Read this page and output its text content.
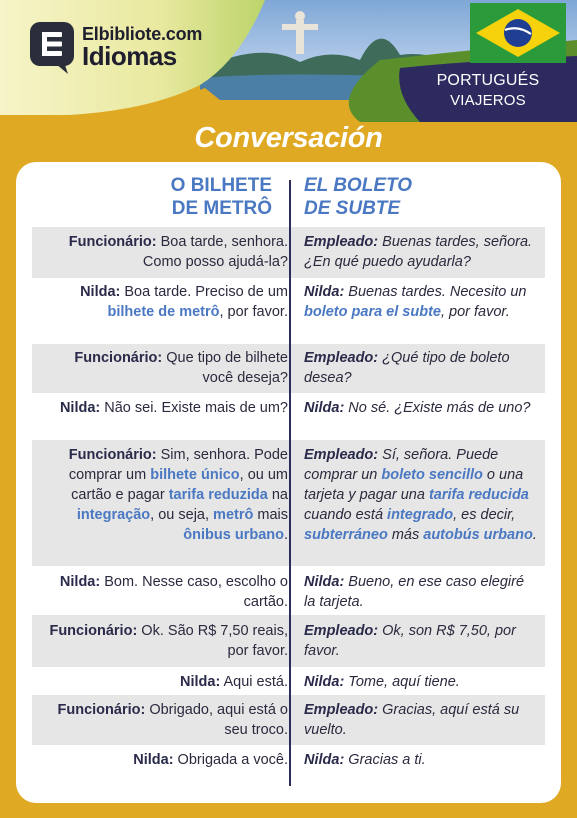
Elbibliote.com
Idiomas
PORTUGUÉS
VIAJEROS
Conversación
O BILHETE
DE METRÔ
EL BOLETO
DE SUBTE
Funcionário: Boa tarde, senhora. Como posso ajudá-la?
Empleado: Buenas tardes, señora. ¿En qué puedo ayudarla?
Nilda: Boa tarde. Preciso de um bilhete de metrô, por favor.
Nilda: Buenas tardes. Necesito un boleto para el subte, por favor.
Funcionário: Que tipo de bilhete você deseja?
Empleado: ¿Qué tipo de boleto desea?
Nilda: Não sei. Existe mais de um? Nilda: No sé. ¿Existe más de uno?
Funcionário: Sim, senhora. Pode comprar um bilhete único, ou um cartão e pagar tarifa reduzida na integração, ou seja, metrô mais ônibus urbano.
Empleado: Sí, señora. Puede comprar un boleto sencillo o una tarjeta y pagar una tarifa reducida cuando está integrado, es decir, subterráneo más autobús urbano.
Nilda: Bom. Nesse caso, escolho o cartão.
Nilda: Bueno, en ese caso elegiré la tarjeta.
Funcionário: Ok. São R$ 7,50 reais, por favor.
Empleado: Ok, son R$ 7,50, por favor.
Nilda: Aqui está. Nilda: Tome, aquí tiene.
Funcionário: Obrigado, aqui está o seu troco.
Empleado: Gracias, aquí está su vuelto.
Nilda: Obrigada a você. Nilda: Gracias a ti.
